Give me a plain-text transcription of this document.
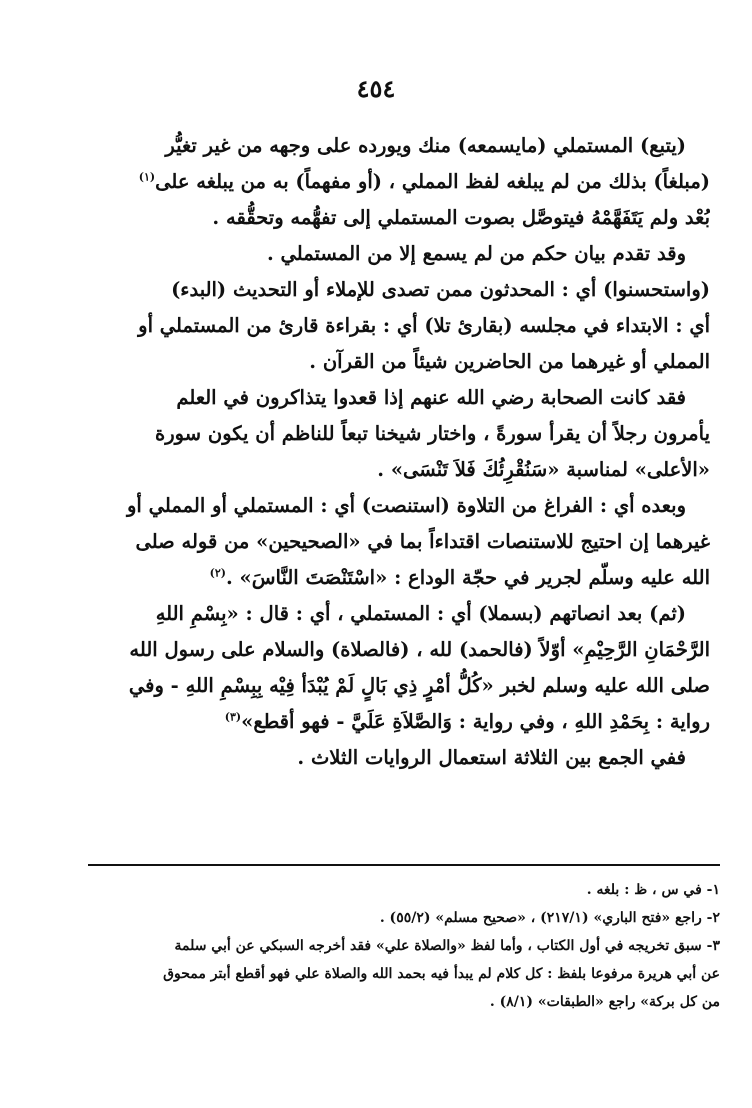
٤٥٤
(يتبع) المستملي (مايسمعه) منك ويورده على وجهه من غير تغيُّر
(مبلغاً) بذلك من لم يبلغه لفظ المملي ، (أو مفهماً) به من يبلغه على$^{(١)}$
بُعْد ولم يَتَفَهَّمْهُ فيتوصَّل بصوت المستملي إلى تفهُّمه وتحقُّقه .
وقد تقدم بيان حكم من لم يسمع إلا من المستملي .
(واستحسنوا) أي : المحدثون ممن تصدى للإملاء أو التحديث (البدء)
أي : الابتداء في مجلسه (بقارئ تلا) أي : بقراءة قارئ من المستملي أو
المملي أو غيرهما من الحاضرين شيئاً من القرآن .
فقد كانت الصحابة رضي الله عنهم إذا قعدوا يتذاكرون في العلم
يأمرون رجلاً أن يقرأ سورةً ، واختار شيخنا تبعاً للناظم أن يكون سورة
«الأعلى» لمناسبة «سَنُقْرِئُكَ فَلاَ تَنْسَى» .
وبعده أي : الفراغ من التلاوة (استنصت) أي : المستملي أو المملي أو
غيرهما إن احتيج للاستنصات اقتداءاً بما في «الصحيحين» من قوله صلى
الله عليه وسلّم لجرير في حجّة الوداع : «اسْتَنْصَتَ النَّاسَ» .$^{(٢)}$
(ثم) بعد انصاتهم (بسملا) أي : المستملي ، أي : قال : «بِسْمِ اللهِ
الرَّحْمَانِ الرَّحِيْمِ» أوّلاً (فالحمد) لله ، (فالصلاة) والسلام على رسول الله
صلى الله عليه وسلم لخبر «كُلُّ أمْرٍ ذِي بَالٍ لَمْ يُبْدَأ فِيْه بِبِسْمِ اللهِ - وفي
رواية : بِحَمْدِ اللهِ ، وفي رواية : وَالصَّلاَةِ عَلَيَّ - فهو أقطع»$^{(٣)}$
ففي الجمع بين الثلاثة استعمال الروايات الثلاث .
١- في س ، ظ : بلغه .
٢- راجع «فتح الباري» (٢١٧/١) ، «صحيح مسلم» (٥٥/٢) .
٣- سبق تخريجه في أول الكتاب ، وأما لفظ «والصلاة علي» فقد أخرجه السبكي عن أبي سلمة
عن أبي هريرة مرفوعا بلفظ : كل كلام لم يبدأ فيه بحمد الله والصلاة علي فهو أقطع أبتر ممحوق
من كل بركة» راجع «الطبقات» (٨/١) .
